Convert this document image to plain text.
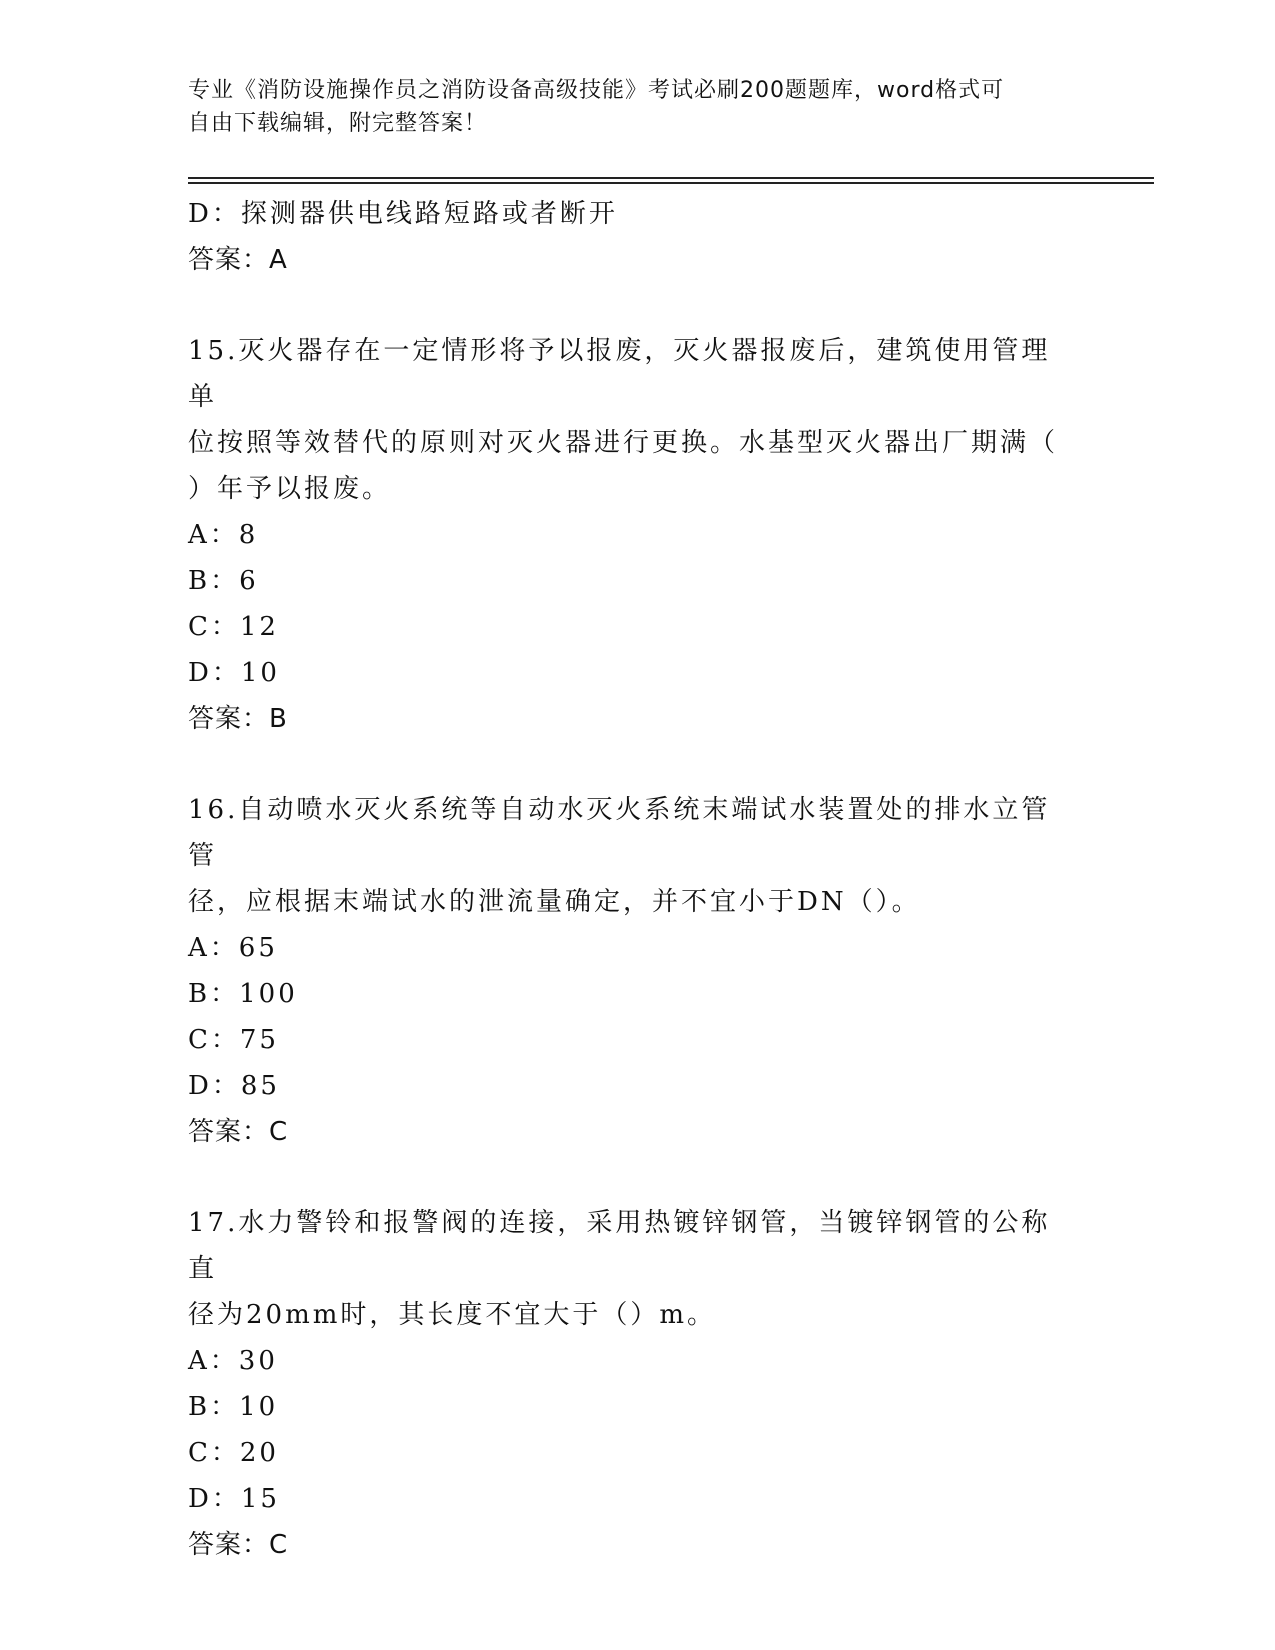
专业《消防设施操作员之消防设备高级技能》考试必刷200题题库，word格式可
自由下载编辑，附完整答案！
D：探测器供电线路短路或者断开
答案：A
15.灭火器存在一定情形将予以报废，灭火器报废后，建筑使用管理单
位按照等效替代的原则对灭火器进行更换。水基型灭火器出厂期满（
）年予以报废。
A：8
B：6
C：12
D：10
答案：B
16.自动喷水灭火系统等自动水灭火系统末端试水装置处的排水立管管
径，应根据末端试水的泄流量确定，并不宜小于DN（）。
A：65
B：100
C：75
D：85
答案：C
17.水力警铃和报警阀的连接，采用热镀锌钢管，当镀锌钢管的公称直
径为20mm时，其长度不宜大于（）m。
A：30
B：10
C：20
D：15
答案：C
